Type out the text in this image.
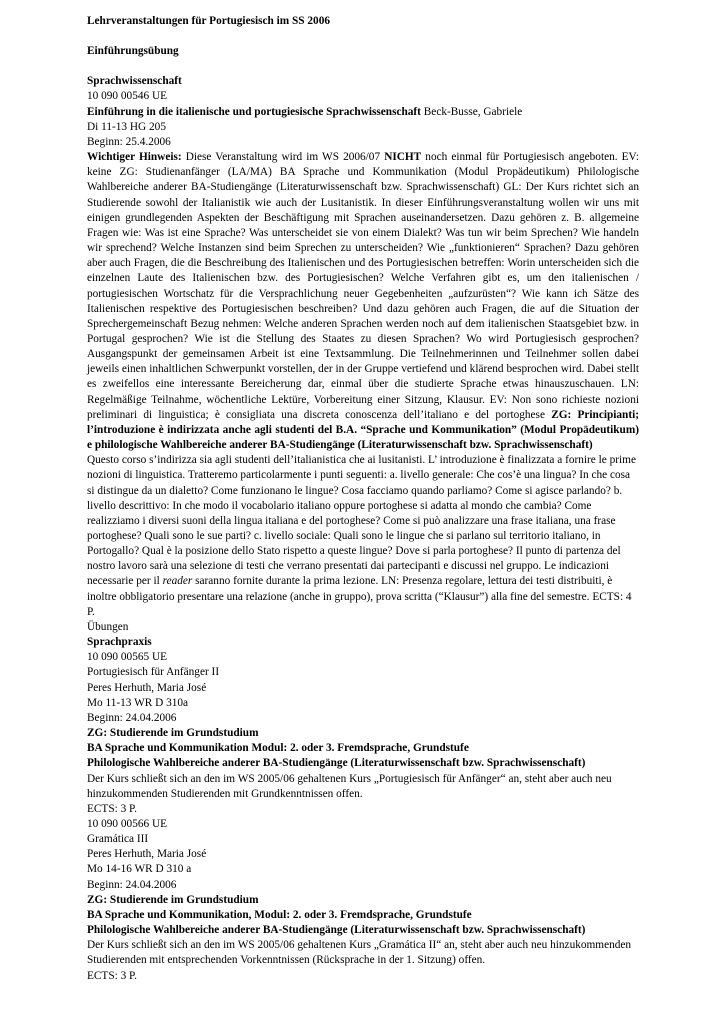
Lehrveranstaltungen für Portugiesisch im SS 2006

Einführungsübung

Sprachwissenschaft

10 090 00546 UE

Einführung in die italienische und portugiesische Sprachwissenschaft Beck-Busse, Gabriele

Di 11-13 HG 205

Beginn: 25.4.2006

Wichtiger Hinweis: Diese Veranstaltung wird im WS 2006/07 NICHT noch einmal für Portugiesisch angeboten. EV: keine ZG: Studienanfänger (LA/MA) BA Sprache und Kommunikation (Modul Propädeutikum) Philologische Wahlbereiche anderer BA-Studiengänge (Literaturwissenschaft bzw. Sprachwissenschaft) GL: Der Kurs richtet sich an Studierende sowohl der Italianistik wie auch der Lusitanistik. In dieser Einführungsveranstaltung wollen wir uns mit einigen grundlegenden Aspekten der Beschäftigung mit Sprachen auseinandersetzen. Dazu gehören z. B. allgemeine Fragen wie: Was ist eine Sprache? Was unterscheidet sie von einem Dialekt? Was tun wir beim Sprechen? Wie handeln wir sprechend? Welche Instanzen sind beim Sprechen zu unterscheiden? Wie „funktionieren“ Sprachen? Dazu gehören aber auch Fragen, die die Beschreibung des Italienischen und des Portugiesischen betreffen: Worin unterscheiden sich die einzelnen Laute des Italienischen bzw. des Portugiesischen? Welche Verfahren gibt es, um den italienischen / portugiesischen Wortschatz für die Versprachlichung neuer Gegebenheiten „aufzurüsten“? Wie kann ich Sätze des Italienischen respektive des Portugiesischen beschreiben? Und dazu gehören auch Fragen, die auf die Situation der Sprechergemeinschaft Bezug nehmen: Welche anderen Sprachen werden noch auf dem italienischen Staatsgebiet bzw. in Portugal gesprochen? Wie ist die Stellung des Staates zu diesen Sprachen? Wo wird Portugiesisch gesprochen? Ausgangspunkt der gemeinsamen Arbeit ist eine Textsammlung. Die Teilnehmerinnen und Teilnehmer sollen dabei jeweils einen inhaltlichen Schwerpunkt vorstellen, der in der Gruppe vertiefend und klärend besprochen wird. Dabei stellt es zweifellos eine interessante Bereicherung dar, einmal über die studierte Sprache etwas hinauszuschauen. LN: Regelmäßige Teilnahme, wöchentliche Lektüre, Vorbereitung einer Sitzung, Klausur. EV: Non sono richieste nozioni preliminari di linguistica; è consigliata una discreta conoscenza dell’italiano e del portoghese ZG: Principianti; l’introduzione è indirizzata anche agli studenti del B.A. “Sprache und Kommunikation” (Modul Propädeutikum) e philologische Wahlbereiche anderer BA-Studiengänge (Literaturwissenschaft bzw. Sprachwissenschaft)

Questo corso s’indirizza sia agli studenti dell’italianistica che ai lusitanisti. L’ introduzione è finalizzata a fornire le prime nozioni di linguistica. Tratteremo particolarmente i punti seguenti: a. livello generale: Che cos’è una lingua? In che cosa si distingue da un dialetto? Come funzionano le lingue? Cosa facciamo quando parliamo? Come si agisce parlando? b. livello descrittivo: In che modo il vocabolario italiano oppure portoghese si adatta al mondo che cambia? Come realizziamo i diversi suoni della lingua italiana e del portoghese? Come si può analizzare una frase italiana, una frase portoghese? Quali sono le sue parti? c. livello sociale: Quali sono le lingue che si parlano sul territorio italiano, in Portogallo? Qual è la posizione dello Stato rispetto a queste lingue? Dove si parla portoghese? Il punto di partenza del nostro lavoro sarà una selezione di testi che verrano presentati dai partecipanti e discussi nel gruppo. Le indicazioni necessarie per il reader saranno fornite durante la prima lezione. LN: Presenza regolare, lettura dei testi distribuiti, è inoltre obbligatorio presentare una relazione (anche in gruppo), prova scritta (“Klausur”) alla fine del semestre. ECTS: 4 P.

Übungen

Sprachpraxis

10 090 00565 UE

Portugiesisch für Anfänger II

Peres Herhuth, Maria José

Mo 11-13 WR D 310a

Beginn: 24.04.2006

ZG: Studierende im Grundstudium

BA Sprache und Kommunikation Modul: 2. oder 3. Fremdsprache, Grundstufe

Philologische Wahlbereiche anderer BA-Studiengänge (Literaturwissenschaft bzw. Sprachwissenschaft)

Der Kurs schließt sich an den im WS 2005/06 gehaltenen Kurs „Portugiesisch für Anfänger“ an, steht aber auch neu hinzukommenden Studierenden mit Grundkenntnissen offen.

ECTS: 3 P.

10 090 00566 UE

Gramática III

Peres Herhuth, Maria José

Mo 14-16 WR D 310 a

Beginn: 24.04.2006

ZG: Studierende im Grundstudium

BA Sprache und Kommunikation, Modul: 2. oder 3. Fremdsprache, Grundstufe

Philologische Wahlbereiche anderer BA-Studiengänge (Literaturwissenschaft bzw. Sprachwissenschaft)

Der Kurs schließt sich an den im WS 2005/06 gehaltenen Kurs „Gramática II“ an, steht aber auch neu hinzukommenden Studierenden mit entsprechenden Vorkenntnissen (Rücksprache in der 1. Sitzung) offen.

ECTS: 3 P.
